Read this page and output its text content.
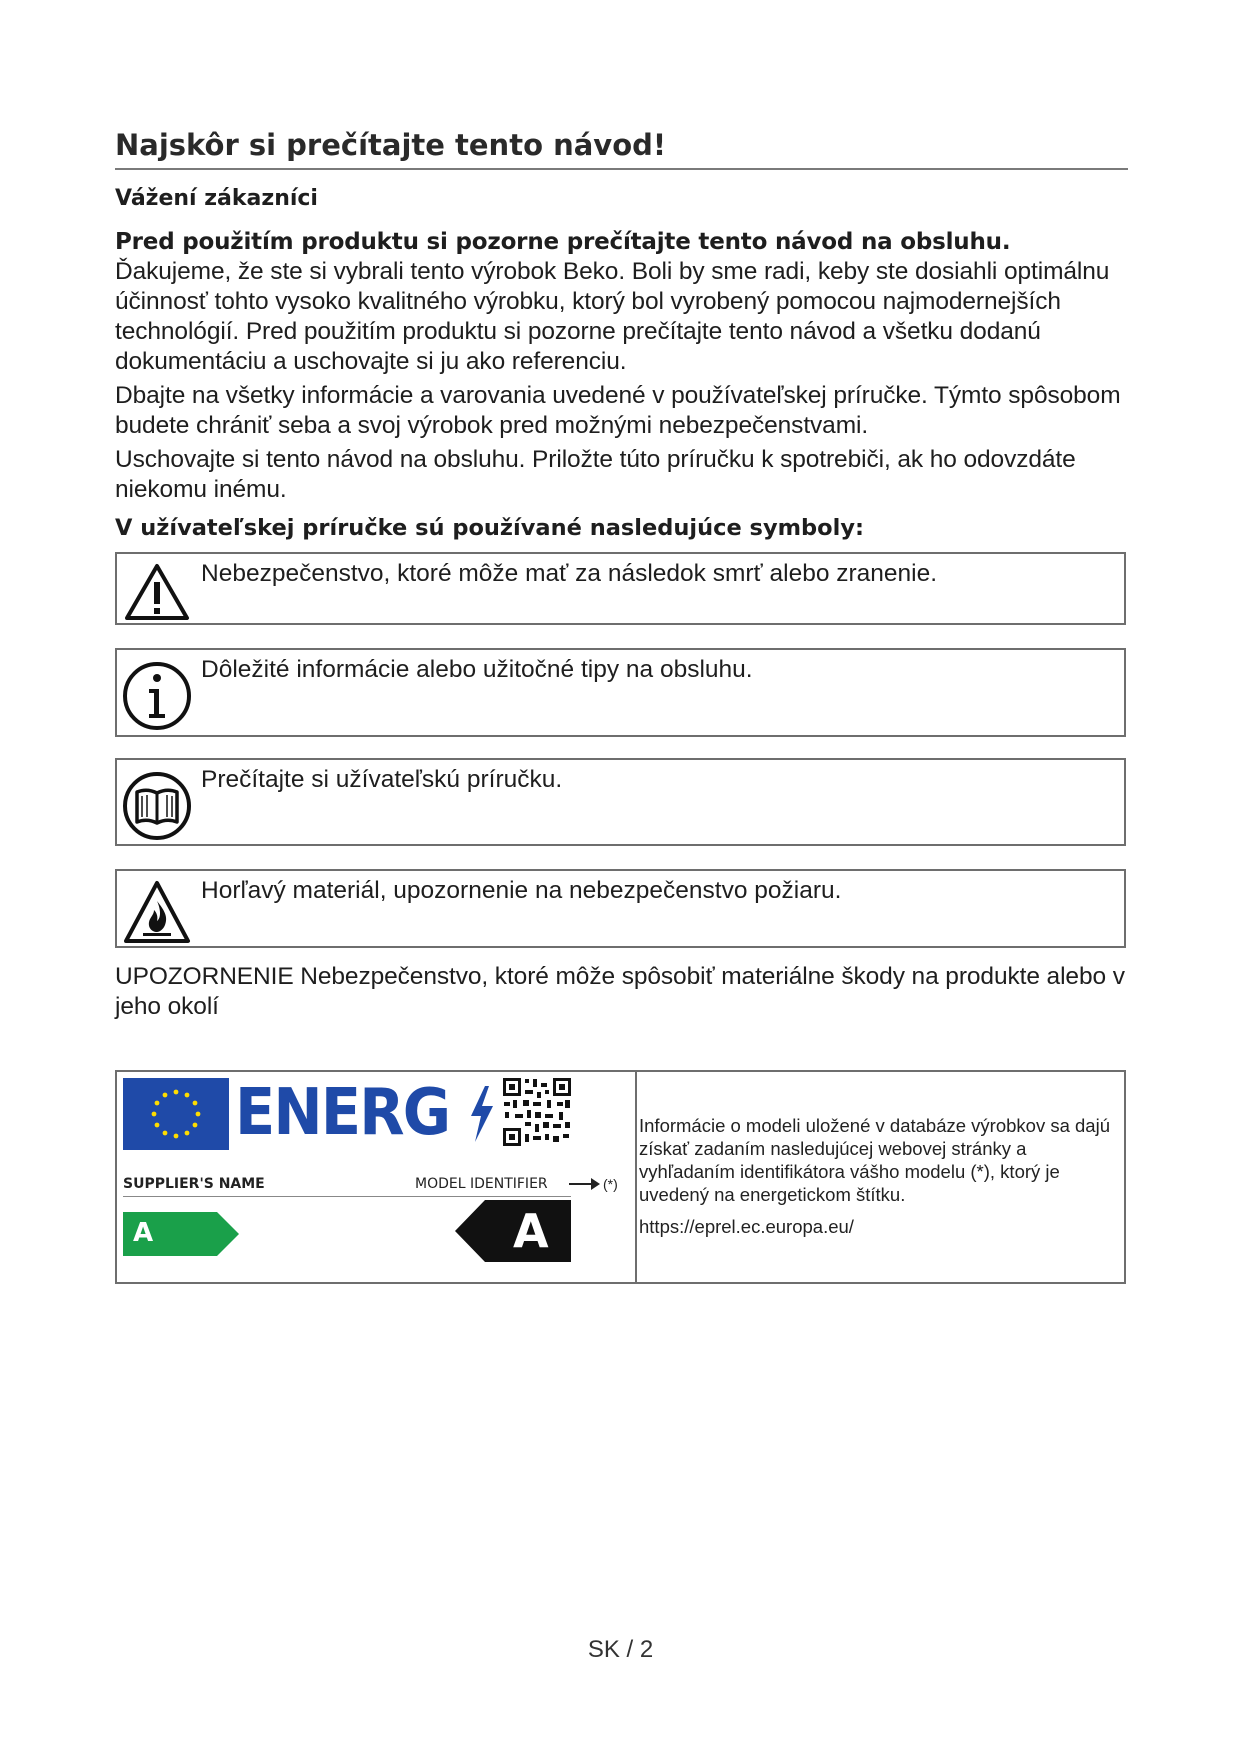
Najskôr si prečítajte tento návod!

Vážení zákazníci

Pred použitím produktu si pozorne prečítajte tento návod na obsluhu.

Ďakujeme, že ste si vybrali tento výrobok Beko. Boli by sme radi, keby ste dosiahli optimálnu účinnosť tohto vysoko kvalitného výrobku, ktorý bol vyrobený pomocou najmodernejších technológií. Pred použitím produktu si pozorne prečítajte tento návod a všetku dodanú dokumentáciu a uschovajte si ju ako referenciu.

Dbajte na všetky informácie a varovania uvedené v používateľskej príručke. Týmto spôsobom budete chrániť seba a svoj výrobok pred možnými nebezpečenstvami.

Uschovajte si tento návod na obsluhu. Priložte túto príručku k spotrebiči, ak ho odovzdáte niekomu inému.

V užívateľskej príručke sú používané nasledujúce symboly:

Nebezpečenstvo, ktoré môže mať za následok smrť alebo zranenie.
Dôležité informácie alebo užitočné tipy na obsluhu.
Prečítajte si užívateľskú príručku.
Horľavý materiál, upozornenie na nebezpečenstvo požiaru.

UPOZORNENIE Nebezpečenstvo, ktoré môže spôsobiť materiálne škody na produkte alebo v jeho okolí

ENERG
SUPPLIER'S NAME	MODEL IDENTIFIER	(*)
A	A

Informácie o modeli uložené v databáze výrobkov sa dajú získať zadaním nasledujúcej webovej stránky a vyhľadaním identifikátora vášho modelu (*), ktorý je uvedený na energetickom štítku.

https://eprel.ec.europa.eu/

SK / 2
